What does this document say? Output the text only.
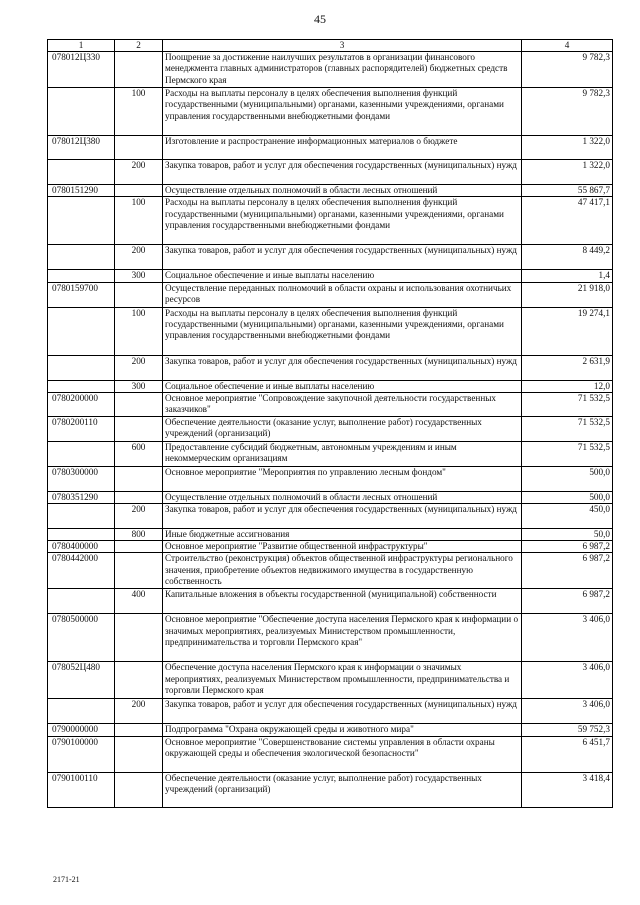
45
1	2	3	4
078012Ц330		Поощрение за достижение наилучших результатов в организации финансового менеджмента главных администраторов (главных распорядителей) бюджетных средств Пермского края	9 782,3
	100	Расходы на выплаты персоналу в целях обеспечения выполнения функций государственными (муниципальными) органами, казенными учреждениями, органами управления государственными внебюджетными фондами	9 782,3
078012Ц380		Изготовление и распространение информационных материалов о бюджете	1 322,0
	200	Закупка товаров, работ и услуг для обеспечения государственных (муниципальных) нужд	1 322,0
0780151290		Осуществление отдельных полномочий в области лесных отношений	55 867,7
	100	Расходы на выплаты персоналу в целях обеспечения выполнения функций государственными (муниципальными) органами, казенными учреждениями, органами управления государственными внебюджетными фондами	47 417,1
	200	Закупка товаров, работ и услуг для обеспечения государственных (муниципальных) нужд	8 449,2
	300	Социальное обеспечение и иные выплаты населению	1,4
0780159700		Осуществление переданных полномочий в области охраны и использования охотничьих ресурсов	21 918,0
	100	Расходы на выплаты персоналу в целях обеспечения выполнения функций государственными (муниципальными) органами, казенными учреждениями, органами управления государственными внебюджетными фондами	19 274,1
	200	Закупка товаров, работ и услуг для обеспечения государственных (муниципальных) нужд	2 631,9
	300	Социальное обеспечение и иные выплаты населению	12,0
0780200000		Основное мероприятие "Сопровождение закупочной деятельности государственных заказчиков"	71 532,5
0780200110		Обеспечение деятельности (оказание услуг, выполнение работ) государственных учреждений (организаций)	71 532,5
	600	Предоставление субсидий бюджетным, автономным учреждениям и иным некоммерческим организациям	71 532,5
0780300000		Основное мероприятие "Мероприятия по управлению лесным фондом"	500,0
0780351290		Осуществление отдельных полномочий в области лесных отношений	500,0
	200	Закупка товаров, работ и услуг для обеспечения государственных (муниципальных) нужд	450,0
	800	Иные бюджетные ассигнования	50,0
0780400000		Основное мероприятие "Развитие общественной инфраструктуры"	6 987,2
0780442000		Строительство (реконструкция) объектов общественной инфраструктуры регионального значения, приобретение объектов недвижимого имущества в государственную собственность	6 987,2
	400	Капитальные вложения в объекты государственной (муниципальной) собственности	6 987,2
0780500000		Основное мероприятие "Обеспечение доступа населения Пермского края к информации о значимых мероприятиях, реализуемых Министерством промышленности, предпринимательства и торговли Пермского края"	3 406,0
078052Ц480		Обеспечение доступа населения Пермского края к информации о значимых мероприятиях, реализуемых Министерством промышленности, предпринимательства и торговли Пермского края	3 406,0
	200	Закупка товаров, работ и услуг для обеспечения государственных (муниципальных) нужд	3 406,0
0790000000		Подпрограмма "Охрана окружающей среды и животного мира"	59 752,3
0790100000		Основное мероприятие "Совершенствование системы управления в области охраны окружающей среды и обеспечения экологической безопасности"	6 451,7
0790100110		Обеспечение деятельности (оказание услуг, выполнение работ) государственных учреждений (организаций)	3 418,4
2171-21
